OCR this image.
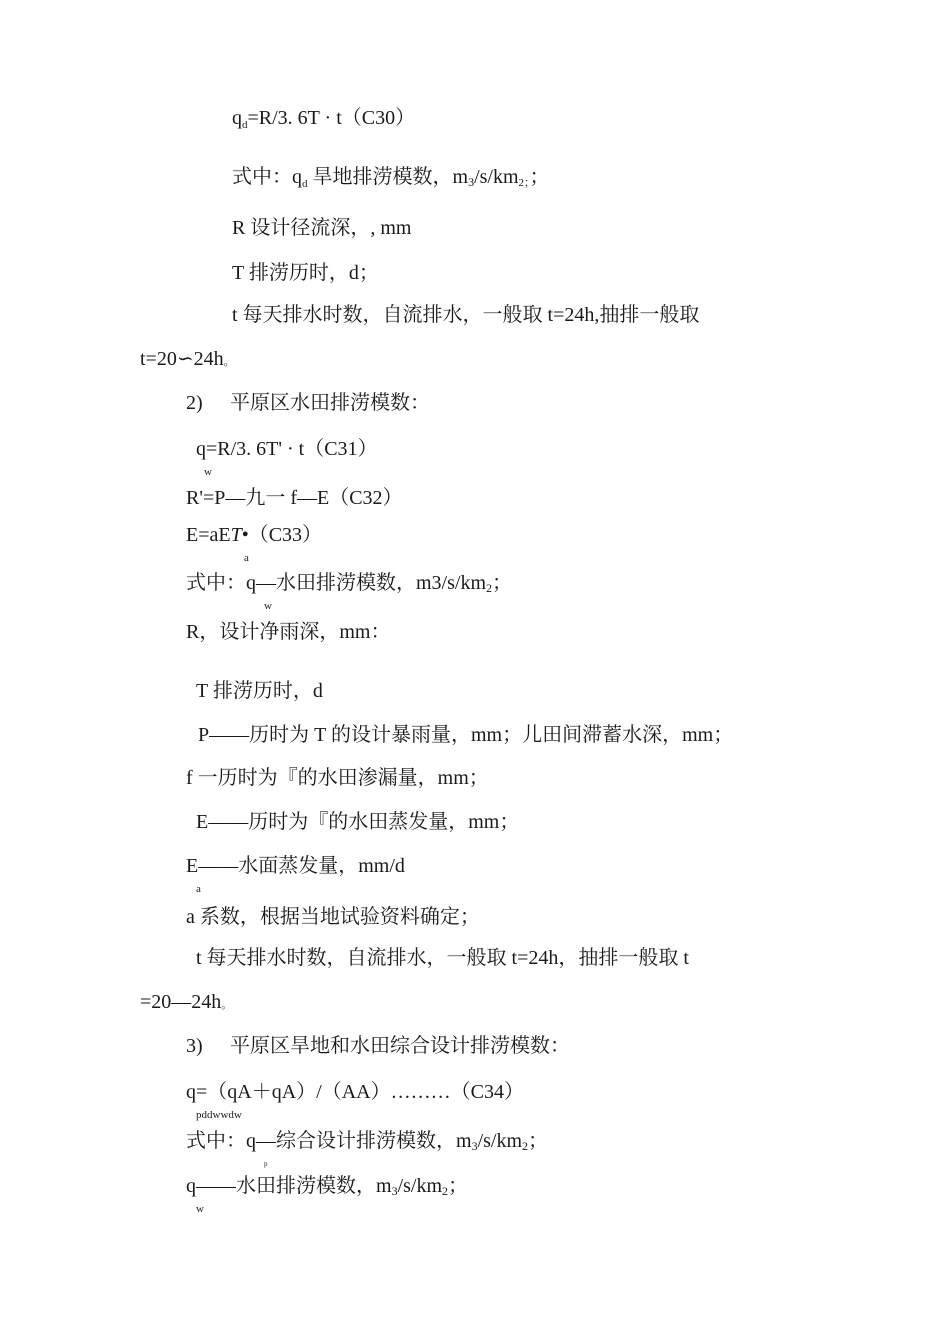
$q_d=R/3$. 6T · t（C30）
式中：$q_d$ 旱地排涝模数，m3/s/km2；；
R 设计径流深，, mm
T 排涝历时，d；
t 每天排水时数，自流排水，一般取 t=24h,抽排一般取
t=20∽24h。
2) 平原区水田排涝模数：
q
w
=R/3. 6T' · t（C31）
R'=P—九一 f—E（C32）
E=aE
a
T•（C33）
式中：q
w
—水田排涝模数，m3/s/km2；
R，设计净雨深，mm：
T 排涝历时，d
P——历时为 T 的设计暴雨量，mm；儿田间滞蓄水深，mm；
f 一历时为『的水田渗漏量，mm；
E——历时为『的水田蒸发量，mm；
E
a
——水面蒸发量，mm/d
a 系数，根据当地试验资料确定；
t 每天排水时数，自流排水，一般取 t=24h，抽排一般取 t
=20—24h。
3) 平原区旱地和水田综合设计排涝模数：
q=（qA＋qA）/（AA）………（C34）
pddwwdw
式中：q
p
—综合设计排涝模数，m3/s/km2；
q
w
——水田排涝模数，m3/s/km2；
